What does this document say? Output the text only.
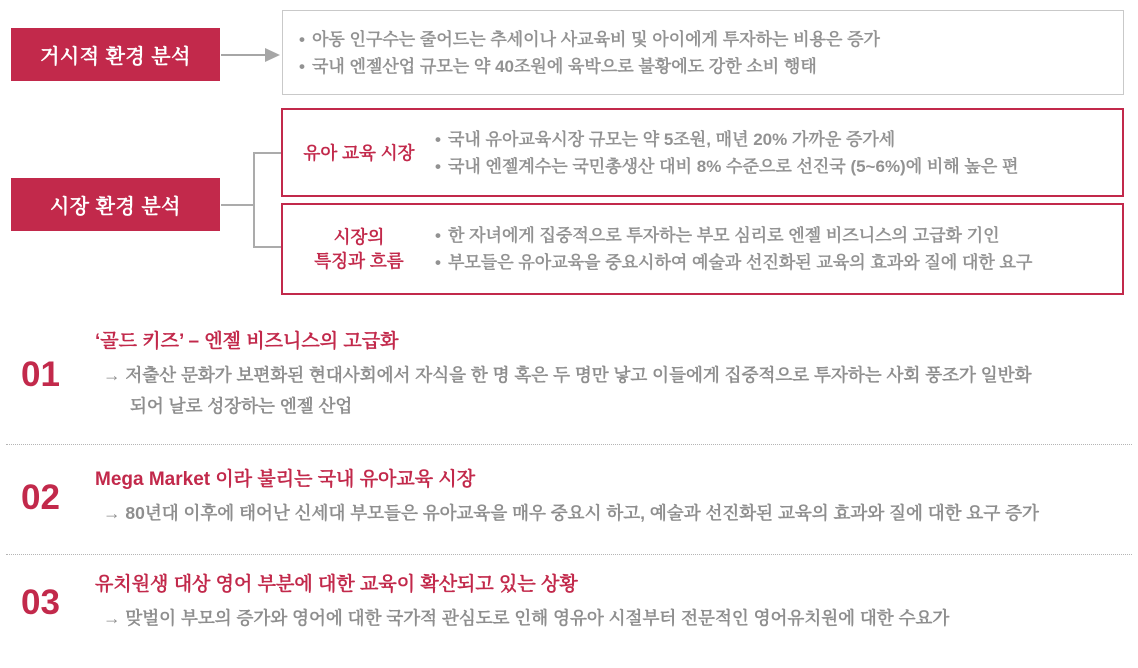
거시적 환경 분석
• 아동 인구수는 줄어드는 추세이나 사교육비 및 아이에게 투자하는 비용은 증가
• 국내 엔젤산업 규모는 약 40조원에 육박으로 불황에도 강한 소비 행태
시장 환경 분석
유아 교육 시장
• 국내 유아교육시장 규모는 약 5조원, 매년 20% 가까운 증가세
• 국내 엔젤계수는 국민총생산 대비 8% 수준으로 선진국 (5~6%)에 비해 높은 편
시장의
특징과 흐름
• 한 자녀에게 집중적으로 투자하는 부모 심리로 엔젤 비즈니스의 고급화 기인
• 부모들은 유아교육을 중요시하여 예술과 선진화된 교육의 효과와 질에 대한 요구
01
‘골드 키즈’ – 엔젤 비즈니스의 고급화
→ 저출산 문화가 보편화된 현대사회에서 자식을 한 명 혹은 두 명만 낳고 이들에게 집중적으로 투자하는 사회 풍조가 일반화
되어 날로 성장하는 엔젤 산업
02	Mega Market 이라 불리는 국내 유아교육 시장
→ 80년대 이후에 태어난 신세대 부모들은 유아교육을 매우 중요시 하고, 예술과 선진화된 교육의 효과와 질에 대한 요구 증가
03	유치원생 대상 영어 부분에 대한 교육이 확산되고 있는 상황
→ 맞벌이 부모의 증가와 영어에 대한 국가적 관심도로 인해 영유아 시절부터 전문적인 영어유치원에 대한 수요가
